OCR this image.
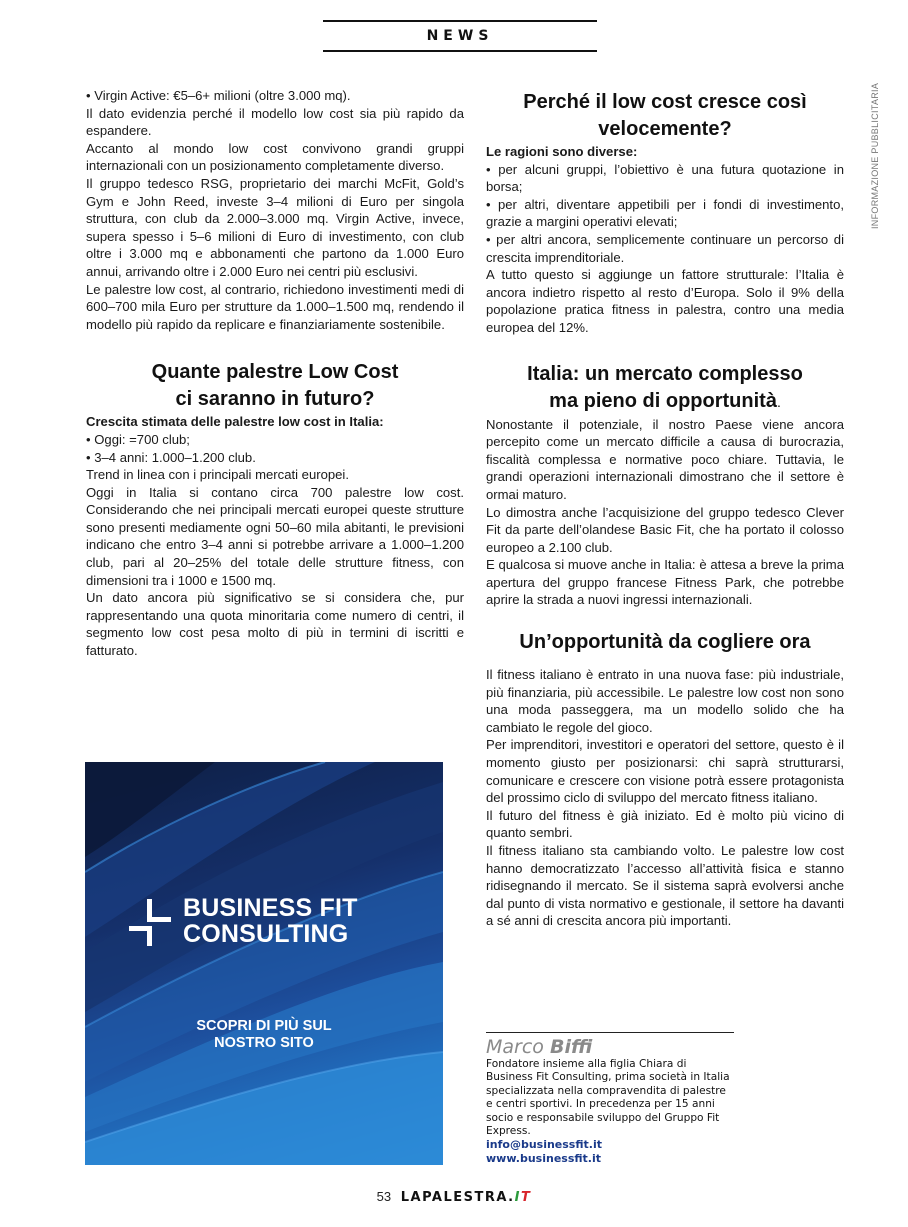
NEWS
INFORMAZIONE PUBBLICITARIA

• Virgin Active: €5–6+ milioni (oltre 3.000 mq).

Il dato evidenzia perché il modello low cost sia più rapido da espandere.

Accanto al mondo low cost convivono grandi gruppi internazionali con un posizionamento completamente diverso.

Il gruppo tedesco RSG, proprietario dei marchi McFit, Gold’s Gym e John Reed, investe 3–4 milioni di Euro per singola struttura, con club da 2.000–3.000 mq. Virgin Active, invece, supera spesso i 5–6 milioni di Euro di investimento, con club oltre i 3.000 mq e abbonamenti che partono da 1.000 Euro annui, arrivando oltre i 2.000 Euro nei centri più esclusivi.

Le palestre low cost, al contrario, richiedono investimenti medi di 600–700 mila Euro per strutture da 1.000–1.500 mq, rendendo il modello più rapido da replicare e finanziariamente sostenibile.

Quante palestre Low Cost
ci saranno in futuro?

Crescita stimata delle palestre low cost in Italia:

• Oggi: =700 club;

• 3–4 anni: 1.000–1.200 club.

Trend in linea con i principali mercati europei.

Oggi in Italia si contano circa 700 palestre low cost. Considerando che nei principali mercati europei queste strutture sono presenti mediamente ogni 50–60 mila abitanti, le previsioni indicano che entro 3–4 anni si potrebbe arrivare a 1.000–1.200 club, pari al 20–25% del totale delle strutture fitness, con dimensioni tra i 1000 e 1500 mq.

Un dato ancora più significativo se si considera che, pur rappresentando una quota minoritaria come numero di centri, il segmento low cost pesa molto di più in termini di iscritti e fatturato.

Perché il low cost cresce così
velocemente?

Le ragioni sono diverse:

• per alcuni gruppi, l’obiettivo è una futura quotazione in borsa;

• per altri, diventare appetibili per i fondi di investimento, grazie a margini operativi elevati;

• per altri ancora, semplicemente continuare un percorso di crescita imprenditoriale.

A tutto questo si aggiunge un fattore strutturale: l’Italia è ancora indietro rispetto al resto d’Europa. Solo il 9% della popolazione pratica fitness in palestra, contro una media europea del 12%.

Italia: un mercato complesso
ma pieno di opportunità.

Nonostante il potenziale, il nostro Paese viene ancora percepito come un mercato difficile a causa di burocrazia, fiscalità complessa e normative poco chiare. Tuttavia, le grandi operazioni internazionali dimostrano che il settore è ormai maturo.

Lo dimostra anche l’acquisizione del gruppo tedesco Clever Fit da parte dell’olandese Basic Fit, che ha portato il colosso europeo a 2.100 club.

E qualcosa si muove anche in Italia: è attesa a breve la prima apertura del gruppo francese Fitness Park, che potrebbe aprire la strada a nuovi ingressi internazionali.

Un’opportunità da cogliere ora

Il fitness italiano è entrato in una nuova fase: più industriale, più finanziaria, più accessibile. Le palestre low cost non sono una moda passeggera, ma un modello solido che ha cambiato le regole del gioco.

Per imprenditori, investitori e operatori del settore, questo è il momento giusto per posizionarsi: chi saprà strutturarsi, comunicare e crescere con visione potrà essere protagonista del prossimo ciclo di sviluppo del mercato fitness italiano.

Il futuro del fitness è già iniziato. Ed è molto più vicino di quanto sembri.

Il fitness italiano sta cambiando volto. Le palestre low cost hanno democratizzato l’accesso all’attività fisica e stanno ridisegnando il mercato. Se il sistema saprà evolversi anche dal punto di vista normativo e gestionale, il settore ha davanti a sé anni di crescita ancora più importanti.

BUSINESS FIT
CONSULTING
SCOPRI DI PIÙ SUL
NOSTRO SITO	Marco Biffi
Fondatore insieme alla figlia Chiara di Business Fit Consulting, prima società in Italia specializzata nella compravendita di palestre e centri sportivi. In precedenza per 15 anni socio e responsabile sviluppo del Gruppo Fit Express.
info@businessfit.it
www.businessfit.it
53 LAPALESTRA.IT
